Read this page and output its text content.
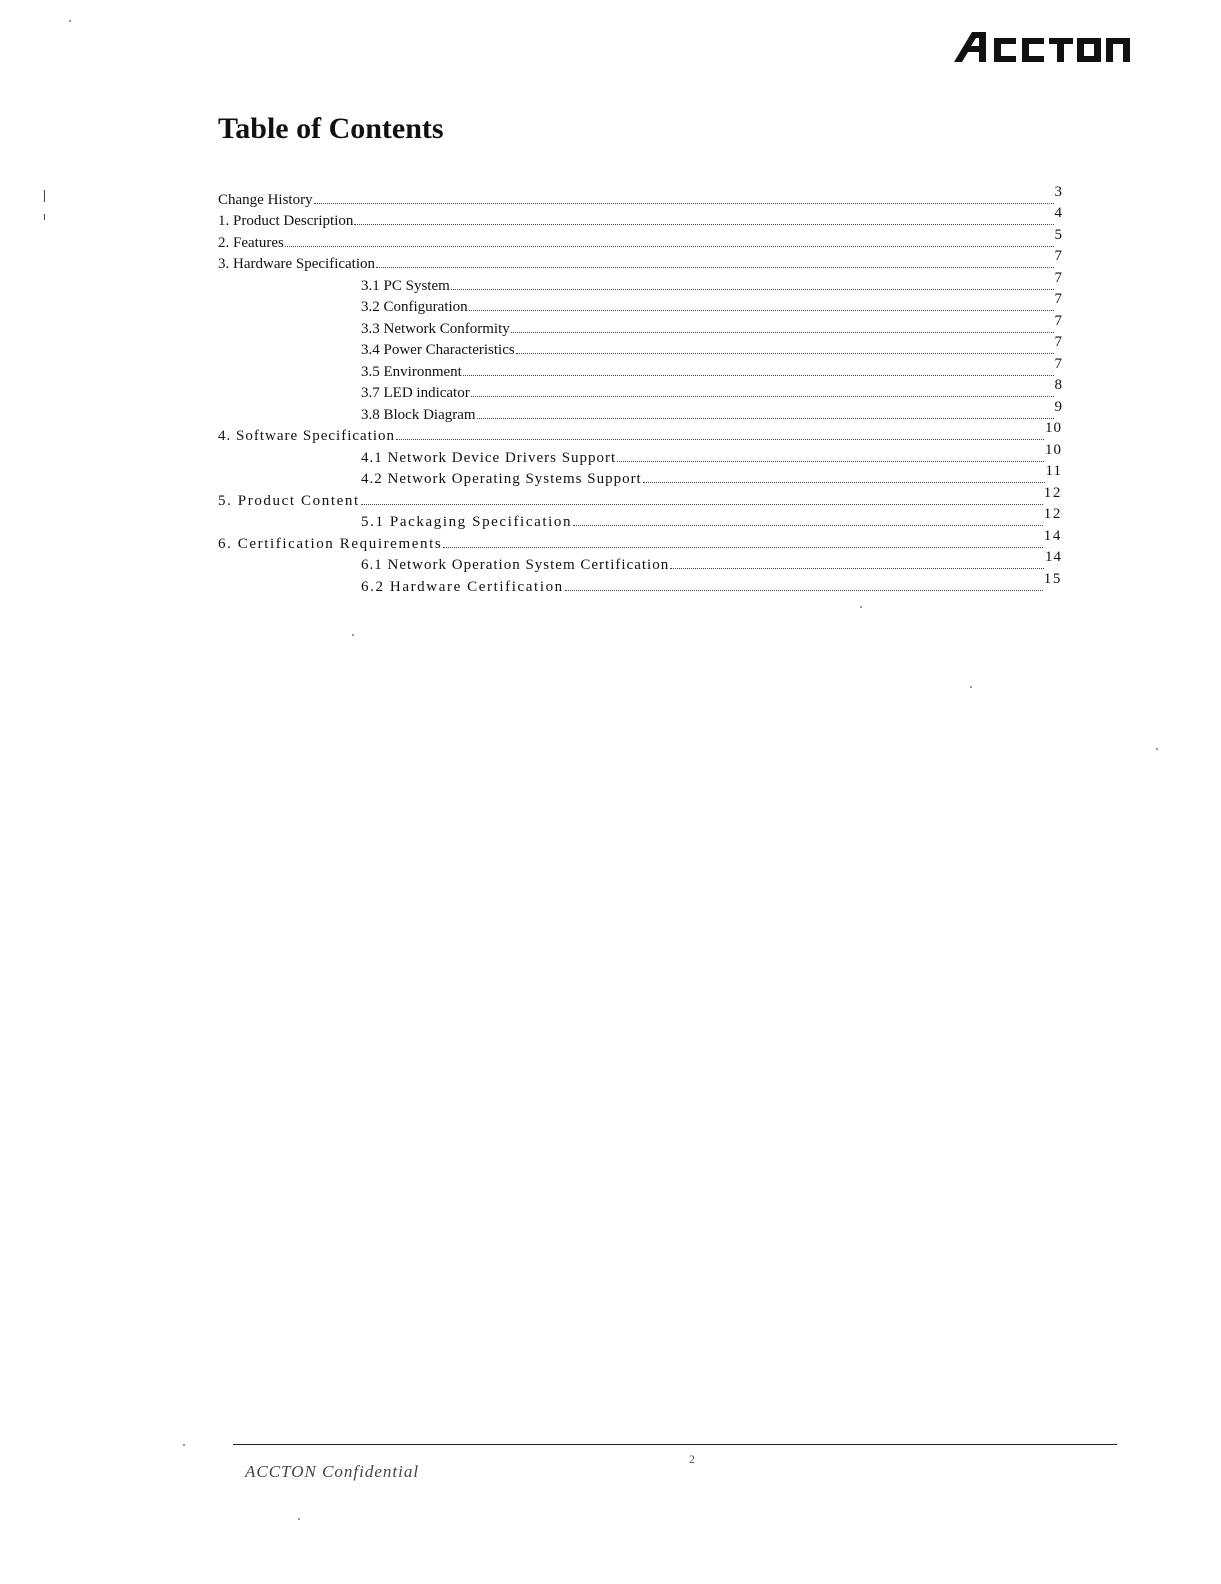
Table of Contents
Change History	3
1. Product Description	4
2. Features	5
3. Hardware Specification	7
3.1 PC System	7
3.2 Configuration	7
3.3 Network Conformity	7
3.4 Power Characteristics	7
3.5 Environment	7
3.7 LED indicator	8
3.8 Block Diagram	9
4. Software Specification	10
4.1 Network Device Drivers Support	10
4.2 Network Operating Systems Support	11
5. Product Content	12
5.1 Packaging Specification	12
6. Certification Requirements	14
6.1 Network Operation System Certification	14
6.2 Hardware Certification	15
ACCTON Confidential
2
